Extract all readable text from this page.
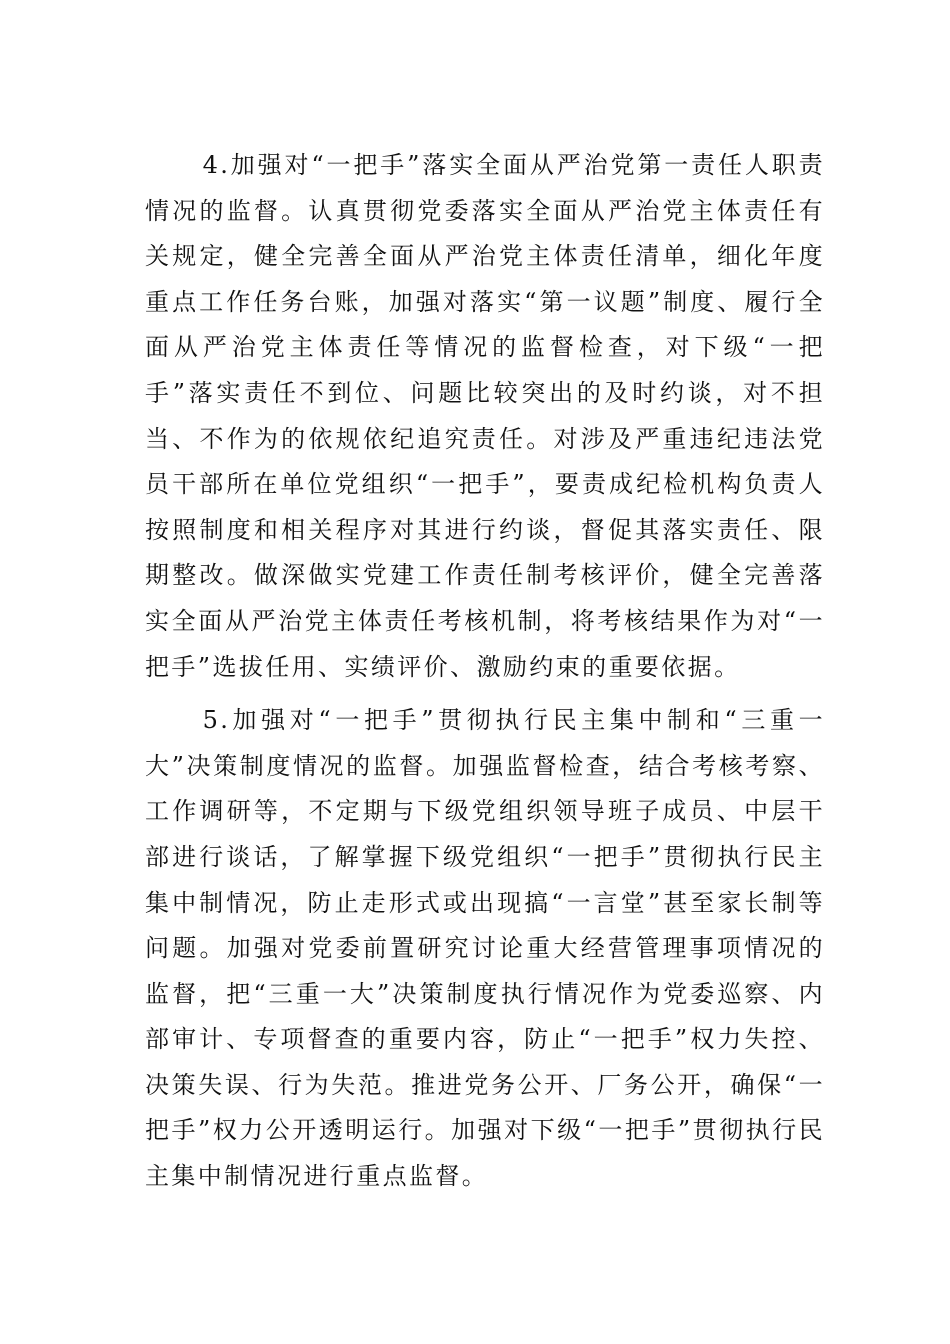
4.加强对“一把手”落实全面从严治党第一责任人职责情况的监督。认真贯彻党委落实全面从严治党主体责任有关规定，健全完善全面从严治党主体责任清单，细化年度重点工作任务台账，加强对落实“第一议题”制度、履行全面从严治党主体责任等情况的监督检查，对下级“一把手”落实责任不到位、问题比较突出的及时约谈，对不担当、不作为的依规依纪追究责任。对涉及严重违纪违法党员干部所在单位党组织“一把手”，要责成纪检机构负责人按照制度和相关程序对其进行约谈，督促其落实责任、限期整改。做深做实党建工作责任制考核评价，健全完善落实全面从严治党主体责任考核机制，将考核结果作为对“一把手”选拔任用、实绩评价、激励约束的重要依据。

5.加强对“一把手”贯彻执行民主集中制和“三重一大”决策制度情况的监督。加强监督检查，结合考核考察、工作调研等，不定期与下级党组织领导班子成员、中层干部进行谈话，了解掌握下级党组织“一把手”贯彻执行民主集中制情况，防止走形式或出现搞“一言堂”甚至家长制等问题。加强对党委前置研究讨论重大经营管理事项情况的监督，把“三重一大”决策制度执行情况作为党委巡察、内部审计、专项督查的重要内容，防止“一把手”权力失控、决策失误、行为失范。推进党务公开、厂务公开，确保“一把手”权力公开透明运行。加强对下级“一把手”贯彻执行民主集中制情况进行重点监督。
